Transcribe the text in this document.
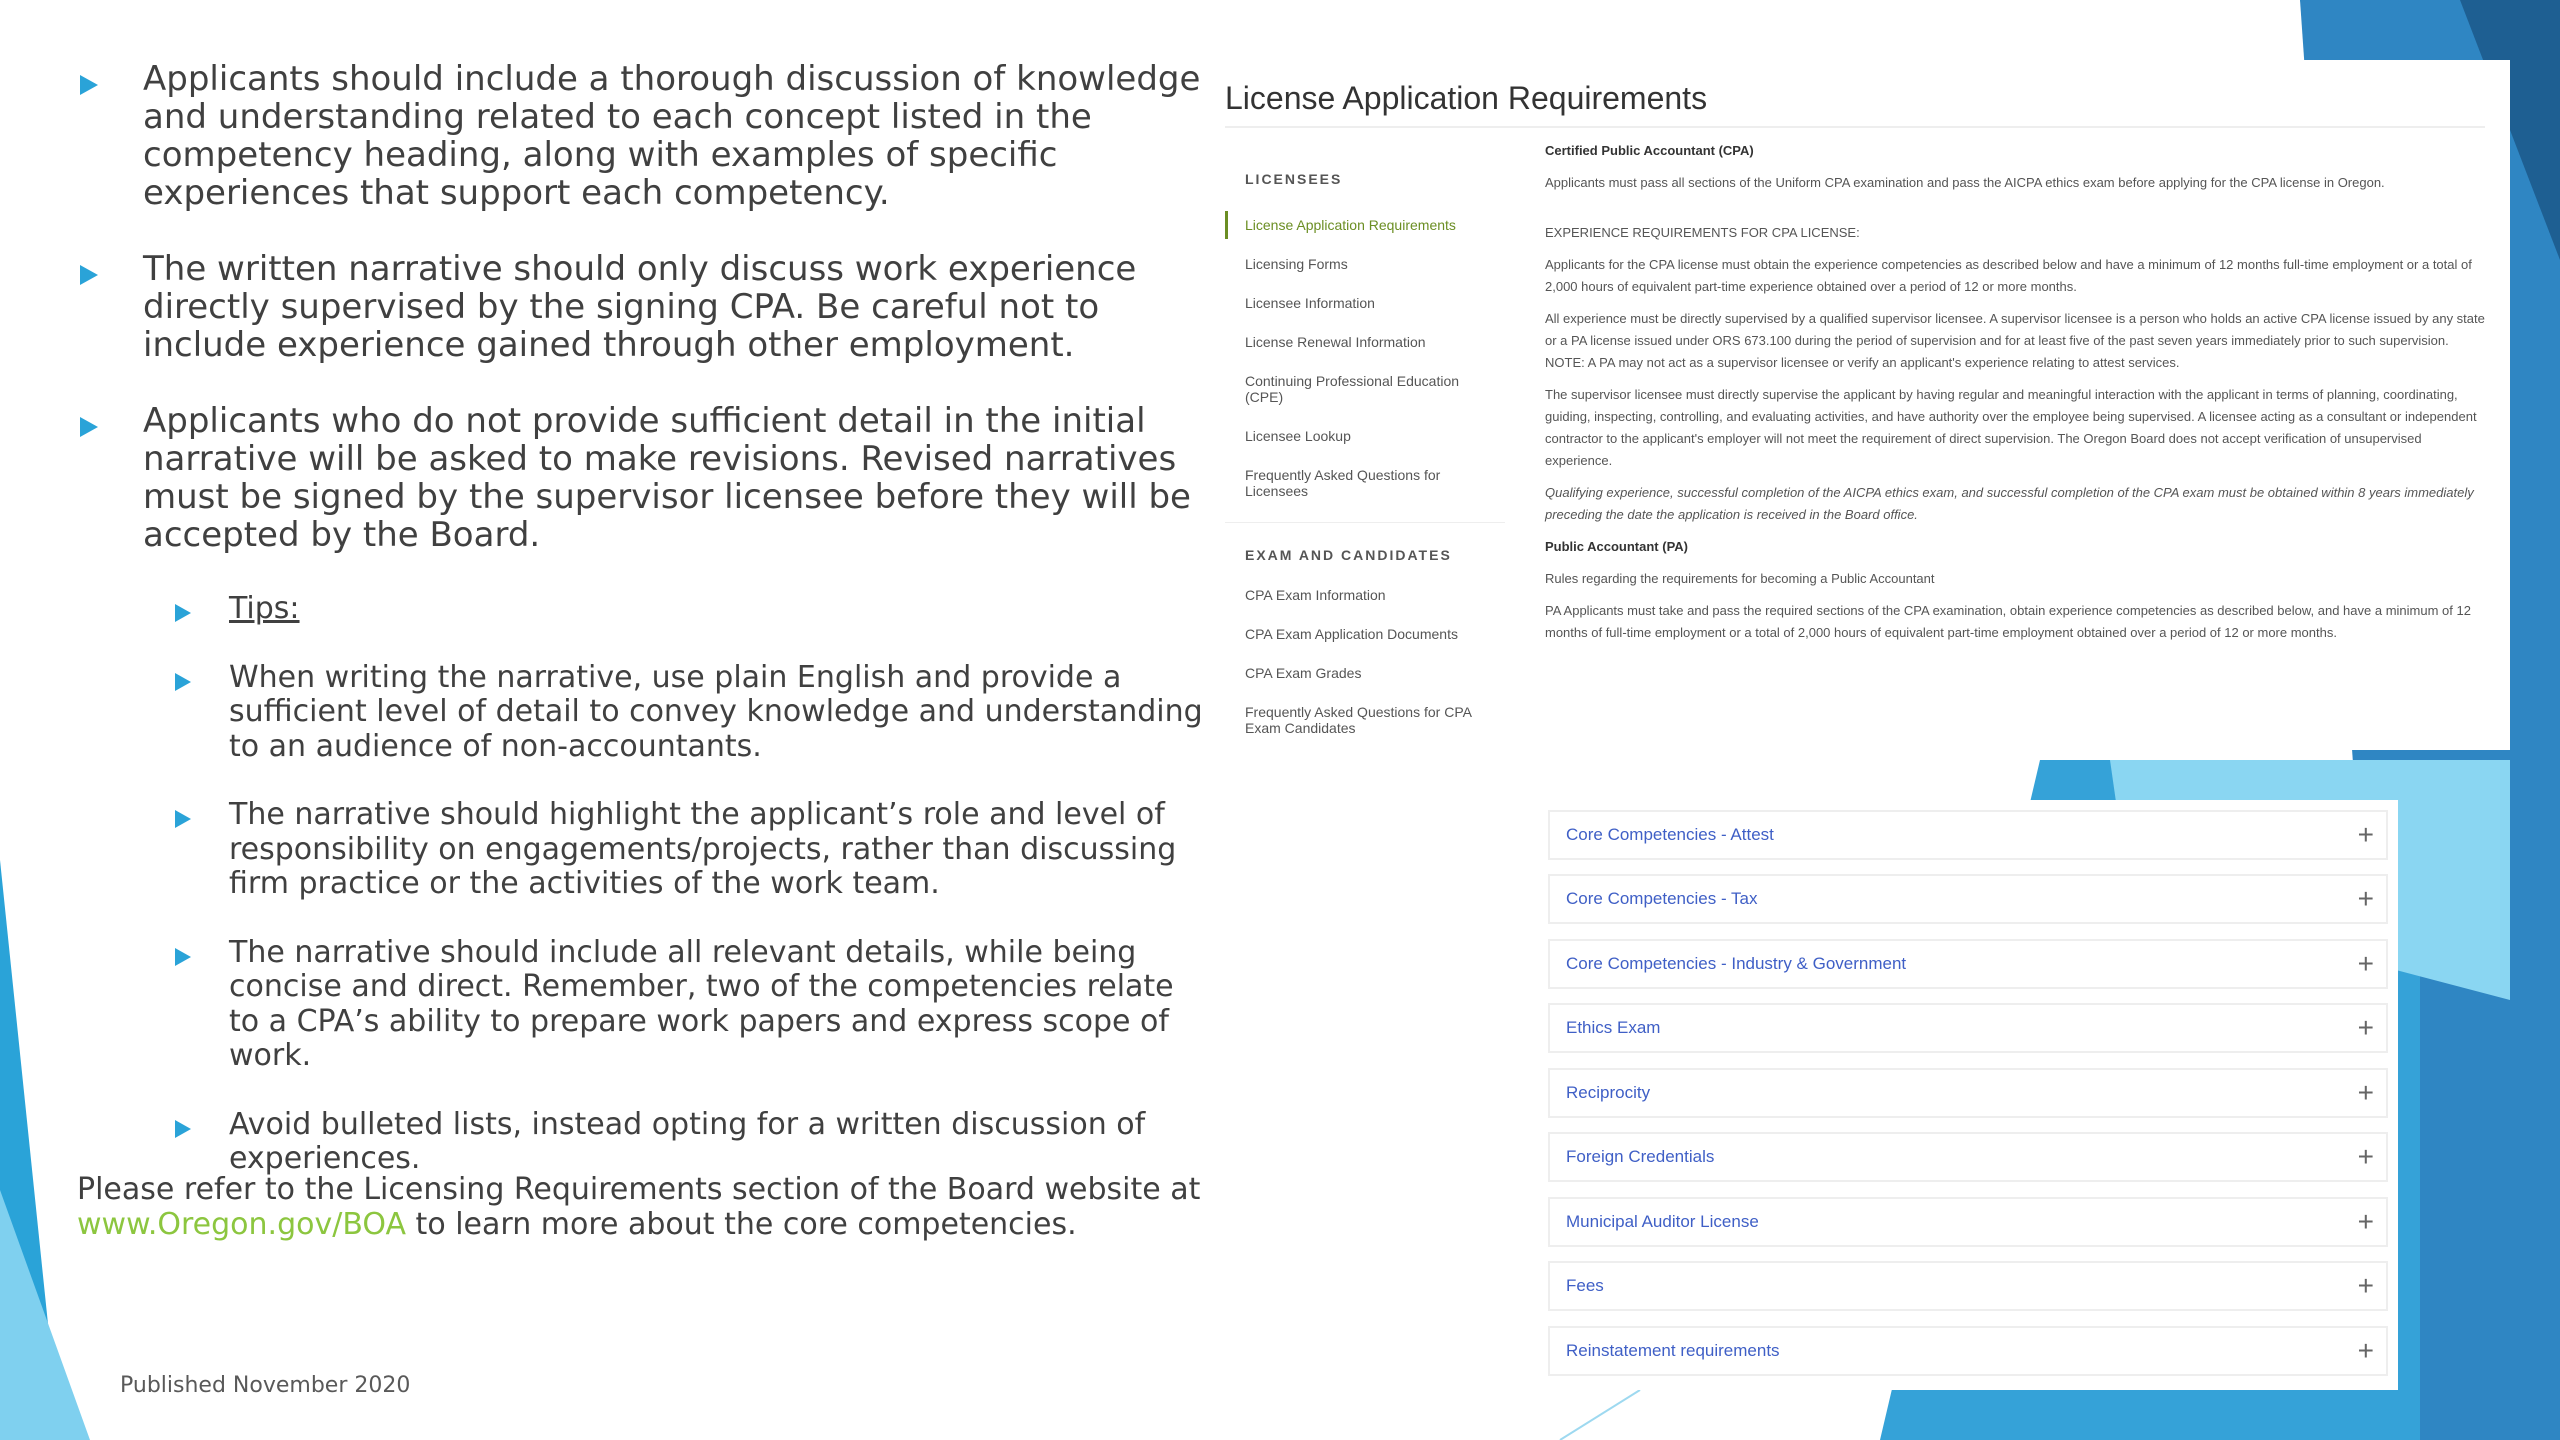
Applicants should include a thorough discussion of knowledge and understanding related to each concept listed in the competency heading, along with examples of specific experiences that support each competency.
The written narrative should only discuss work experience directly supervised by the signing CPA. Be careful not to include experience gained through other employment.
Applicants who do not provide sufficient detail in the initial narrative will be asked to make revisions. Revised narratives must be signed by the supervisor licensee before they will be accepted by the Board.
Tips:
When writing the narrative, use plain English and provide a sufficient level of detail to convey knowledge and understanding to an audience of non-accountants.
The narrative should highlight the applicant’s role and level of responsibility on engagements/projects, rather than discussing firm practice or the activities of the work team.
The narrative should include all relevant details, while being concise and direct. Remember, two of the competencies relate to a CPA’s ability to prepare work papers and express scope of work.
Avoid bulleted lists, instead opting for a written discussion of experiences.
Please refer to the Licensing Requirements section of the Board website at www.Oregon.gov/BOA to learn more about the core competencies.
Published November 2020
License Application Requirements
LICENSEES
License Application Requirements
Licensing Forms
Licensee Information
License Renewal Information
Continuing Professional Education (CPE)
Licensee Lookup
Frequently Asked Questions for Licensees
EXAM AND CANDIDATES
CPA Exam Information
CPA Exam Application Documents
CPA Exam Grades
Frequently Asked Questions for CPA Exam Candidates

Certified Public Accountant (CPA)

Applicants must pass all sections of the Uniform CPA examination and pass the AICPA ethics exam before applying for the CPA license in Oregon.

EXPERIENCE REQUIREMENTS FOR CPA LICENSE:

Applicants for the CPA license must obtain the experience competencies as described below and have a minimum of 12 months full-time employment or a total of 2,000 hours of equivalent part-time experience obtained over a period of 12 or more months.

All experience must be directly supervised by a qualified supervisor licensee. A supervisor licensee is a person who holds an active CPA license issued by any state or a PA license issued under ORS 673.100 during the period of supervision and for at least five of the past seven years immediately prior to such supervision. NOTE: A PA may not act as a supervisor licensee or verify an applicant's experience relating to attest services.

The supervisor licensee must directly supervise the applicant by having regular and meaningful interaction with the applicant in terms of planning, coordinating, guiding, inspecting, controlling, and evaluating activities, and have authority over the employee being supervised. A licensee acting as a consultant or independent contractor to the applicant's employer will not meet the requirement of direct supervision. The Oregon Board does not accept verification of unsupervised experience.

Qualifying experience, successful completion of the AICPA ethics exam, and successful completion of the CPA exam must be obtained within 8 years immediately preceding the date the application is received in the Board office.

Public Accountant (PA)

Rules regarding the requirements for becoming a Public Accountant

PA Applicants must take and pass the required sections of the CPA examination, obtain experience competencies as described below, and have a minimum of 12 months of full-time employment or a total of 2,000 hours of equivalent part-time employment obtained over a period of 12 or more months.

Core Competencies - Attest	+
Core Competencies - Tax	+
Core Competencies - Industry & Government	+
Ethics Exam	+
Reciprocity	+
Foreign Credentials	+
Municipal Auditor License	+
Fees	+
Reinstatement requirements	+
